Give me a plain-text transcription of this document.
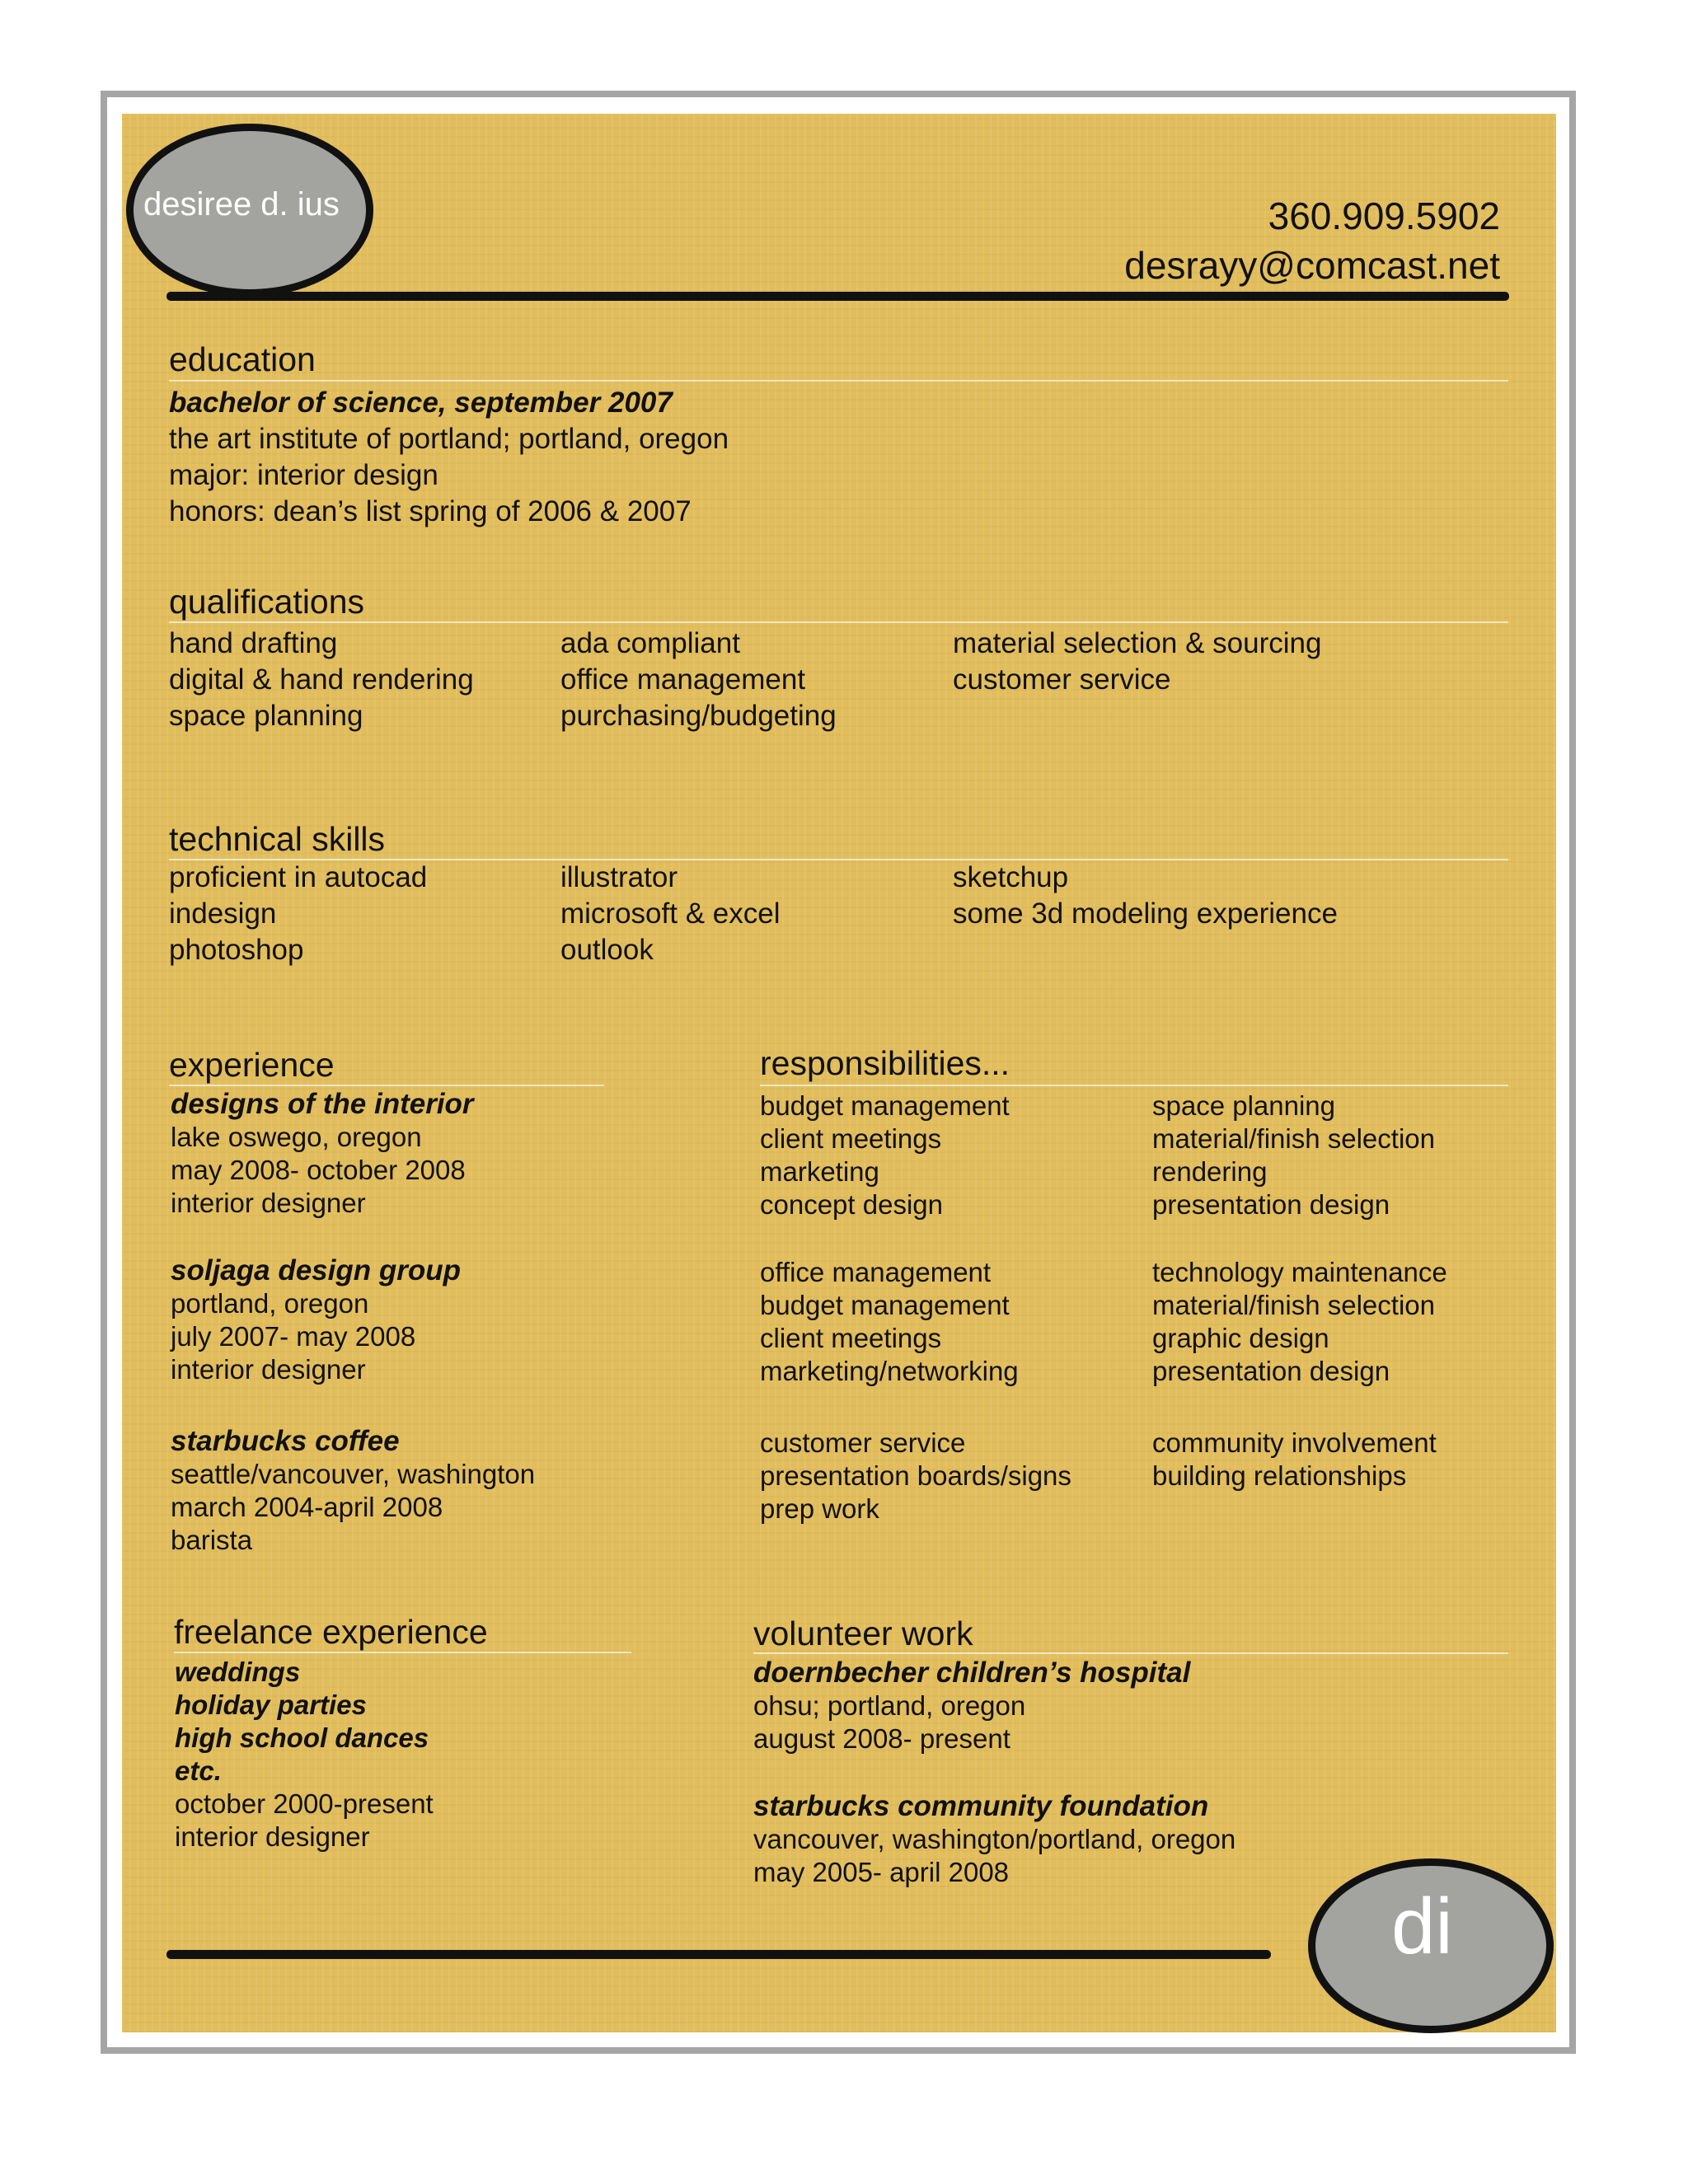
desiree d. ius	360.909.5902
desrayy@comcast.net
education
bachelor of science, september 2007
the art institute of portland; portland, oregon
major: interior design
honors: dean’s list spring of 2006 & 2007
qualifications
hand drafting
digital & hand rendering
space planning
ada compliant
office management
purchasing/budgeting
material selection & sourcing
customer service
technical skills
proficient in autocad
indesign
photoshop
illustrator
microsoft & excel
outlook
sketchup
some 3d modeling experience
experience
designs of the interior
lake oswego, oregon
may 2008- october 2008
interior designer
soljaga design group
portland, oregon
july 2007- may 2008
interior designer
starbucks coffee
seattle/vancouver, washington
march 2004-april 2008
barista
responsibilities...
budget management
client meetings
marketing
concept design
space planning
material/finish selection
rendering
presentation design
office management
budget management
client meetings
marketing/networking
technology maintenance
material/finish selection
graphic design
presentation design
customer service
presentation boards/signs
prep work
community involvement
building relationships
freelance experience
weddings
holiday parties
high school dances
etc.
october 2000-present
interior designer
volunteer work
doernbecher children’s hospital
ohsu; portland, oregon
august 2008- present
starbucks community foundation
vancouver, washington/portland, oregon
may 2005- april 2008
di
